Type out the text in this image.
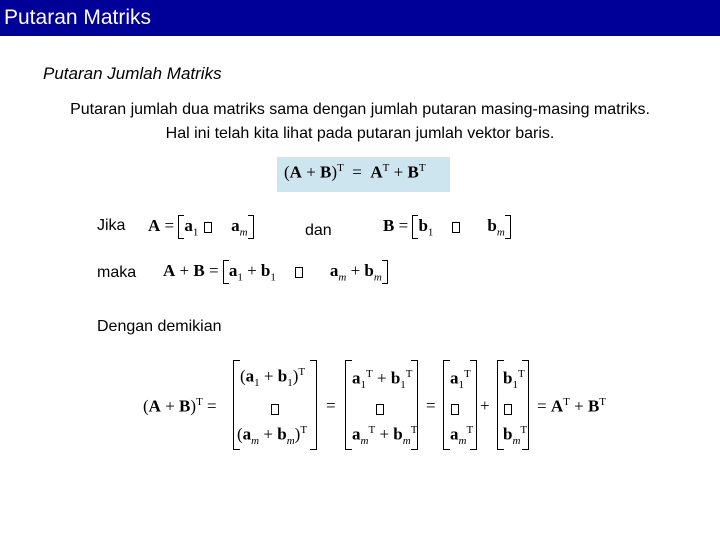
Putaran Matriks
Putaran Jumlah Matriks
Putaran jumlah dua matriks sama dengan jumlah putaran masing-masing matriks. Hal ini telah kita lihat pada putaran jumlah vektor baris.
$(A + B)^T = A^T + B^T$
Jika $A = a_1$ $a_m$	dan	$B = b_1$	$b_m$
maka $A + B = a_1 + b_1$	$a_m + b_m$
Dengan demikian
$(A + B)^T$ =
$(a_1 + b_1)^T$
$(a_m + b_m)^T$
=
$a_1^T + b_1^T$
$a_m^T + b_m^T$
=
$a_1^T$
$a_m^T$
+
$b_1^T$
$b_m^T$
= $A^T + B^T$
